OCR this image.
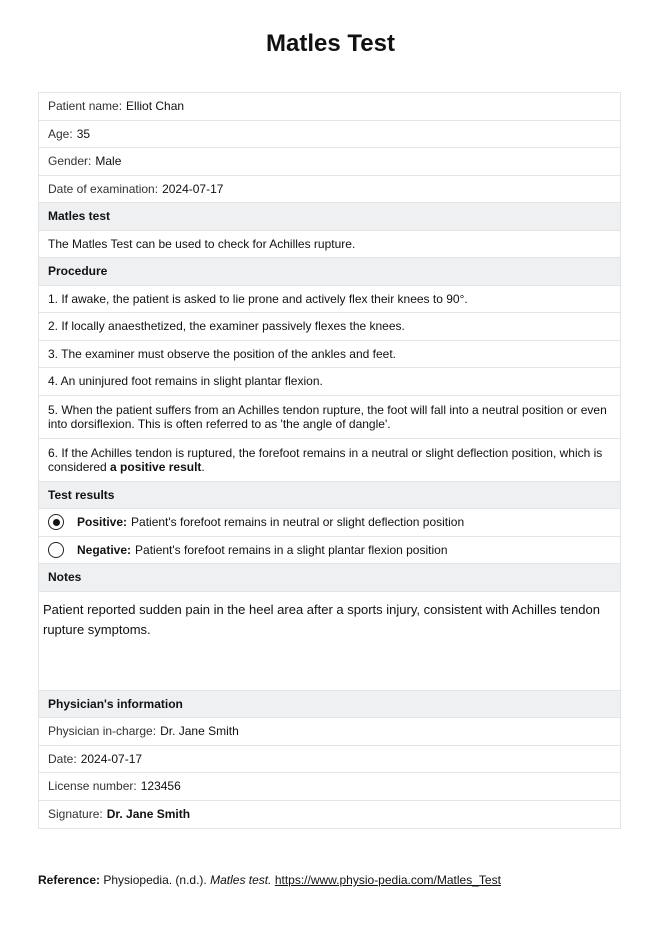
Matles Test
Patient name: Elliot Chan
Age: 35
Gender: Male
Date of examination: 2024-07-17
Matles test
The Matles Test can be used to check for Achilles rupture.
Procedure
1. If awake, the patient is asked to lie prone and actively flex their knees to 90°.
2. If locally anaesthetized, the examiner passively flexes the knees.
3. The examiner must observe the position of the ankles and feet.
4. An uninjured foot remains in slight plantar flexion.
5. When the patient suffers from an Achilles tendon rupture, the foot will fall into a neutral position or even into dorsiflexion. This is often referred to as 'the angle of dangle'.
6. If the Achilles tendon is ruptured, the forefoot remains in a neutral or slight deflection position, which is considered a positive result.
Test results
Positive: Patient's forefoot remains in neutral or slight deflection position
Negative: Patient's forefoot remains in a slight plantar flexion position
Notes
Patient reported sudden pain in the heel area after a sports injury, consistent with Achilles tendon rupture symptoms.
Physician's information
Physician in-charge: Dr. Jane Smith
Date: 2024-07-17
License number: 123456
Signature: Dr. Jane Smith
Reference: Physiopedia. (n.d.). Matles test. https://www.physio-pedia.com/Matles_Test
